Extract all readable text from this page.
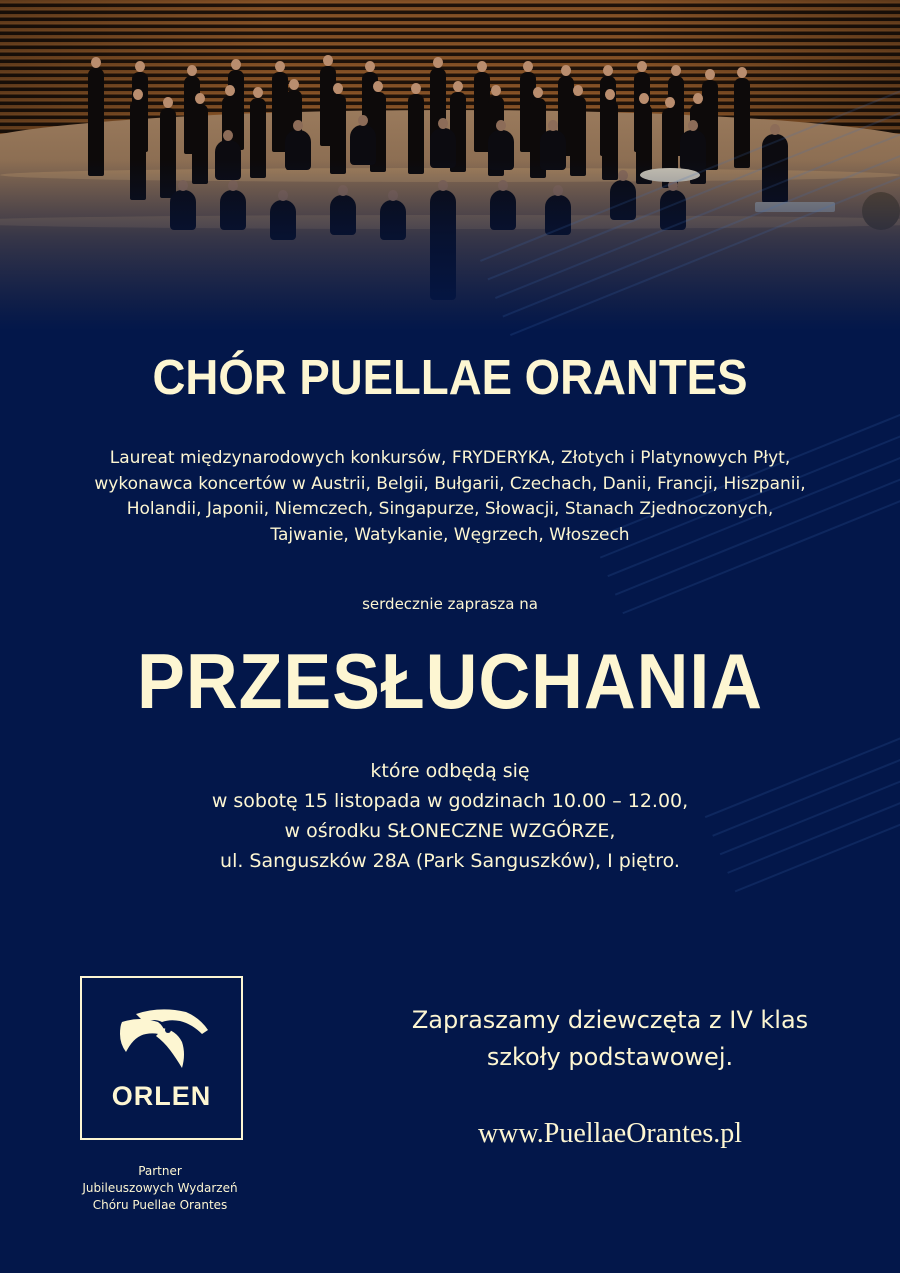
CHÓR PUELLAE ORANTES
Laureat międzynarodowych konkursów, FRYDERYKA, Złotych i Platynowych Płyt,
wykonawca koncertów w Austrii, Belgii, Bułgarii, Czechach, Danii, Francji, Hiszpanii,
Holandii, Japonii, Niemczech, Singapurze, Słowacji, Stanach Zjednoczonych,
Tajwanie, Watykanie, Węgrzech, Włoszech
serdecznie zaprasza na
PRZESŁUCHANIA
które odbędą się
w sobotę 15 listopada w godzinach 10.00 – 12.00,
w ośrodku SŁONECZNE WZGÓRZE,
ul. Sanguszków 28A (Park Sanguszków), I piętro.
ORLEN
Partner
Jubileuszowych Wydarzeń
Chóru Puellae Orantes
Zapraszamy dziewczęta z IV klas
szkoły podstawowej.
www.PuellaeOrantes.pl
